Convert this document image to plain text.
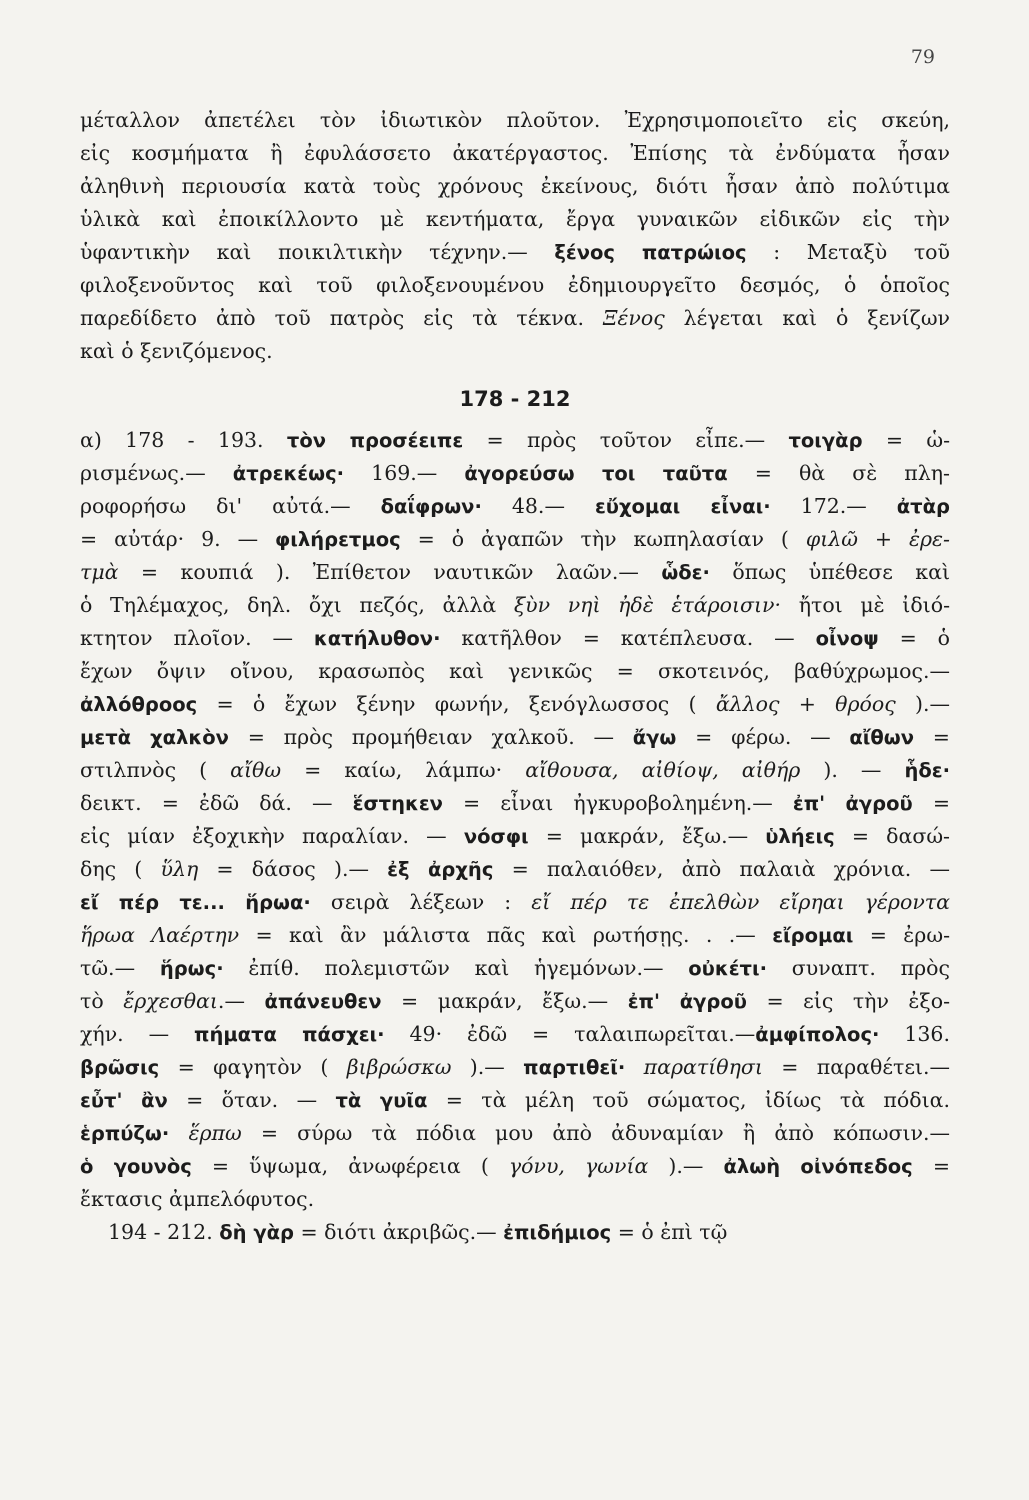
79
μέταλλον ἀπετέλει τὸν ἰδιωτικὸν πλοῦτον. Ἐχρησιμοποιεῖτο εἰς σκεύη,
εἰς κοσμήματα ἢ ἐφυλάσσετο ἀκατέργαστος. Ἐπίσης τὰ ἐνδύματα ἦσαν
ἀληθινὴ περιουσία κατὰ τοὺς χρόνους ἐκείνους, διότι ἦσαν ἀπὸ πολύτιμα
ὑλικὰ καὶ ἐποικίλλοντο μὲ κεντήματα, ἔργα γυναικῶν εἰδικῶν εἰς τὴν
ὑφαντικὴν καὶ ποικιλτικὴν τέχνην.— ξένος πατρώιος : Μεταξὺ τοῦ
φιλοξενοῦντος καὶ τοῦ φιλοξενουμένου ἐδημιουργεῖτο δεσμός, ὁ ὁποῖος
παρεδίδετο ἀπὸ τοῦ πατρὸς εἰς τὰ τέκνα. Ξένος λέγεται καὶ ὁ ξενίζων
καὶ ὁ ξενιζόμενος.
178 - 212
α) 178 - 193. τὸν προσέειπε = πρὸς τοῦτον εἶπε.— τοιγὰρ = ὡ-
ρισμένως.— ἀτρεκέως· 169.— ἀγορεύσω τοι ταῦτα = θὰ σὲ πλη-
ροφορήσω δι' αὐτά.— δαΐφρων· 48.— εὔχομαι εἶναι· 172.— ἀτὰρ
= αὐτάρ· 9. — φιλήρετμος = ὁ ἀγαπῶν τὴν κωπηλασίαν ( φιλῶ + ἐρε-
τμὰ = κουπιά ). Ἐπίθετον ναυτικῶν λαῶν.— ὧδε· ὅπως ὑπέθεσε καὶ
ὁ Τηλέμαχος, δηλ. ὄχι πεζός, ἀλλὰ ξὺν νηὶ ἠδὲ ἑτάροισιν· ἤτοι μὲ ἰδιό-
κτητον πλοῖον. — κατήλυθον· κατῆλθον = κατέπλευσα. — οἶνοψ = ὁ
ἔχων ὄψιν οἴνου, κρασωπὸς καὶ γενικῶς = σκοτεινός, βαθύχρωμος.—
ἀλλόθροος = ὁ ἔχων ξένην φωνήν, ξενόγλωσσος ( ἄλλος + θρόος ).—
μετὰ χαλκὸν = πρὸς προμήθειαν χαλκοῦ. — ἄγω = φέρω. — αἴθων =
στιλπνὸς ( αἴθω = καίω, λάμπω· αἴθουσα, αἰθίοψ, αἰθήρ ). — ἧδε·
δεικτ. = ἐδῶ δά. — ἕστηκεν = εἶναι ἠγκυροβολημένη.— ἐπ' ἀγροῦ =
εἰς μίαν ἐξοχικὴν παραλίαν. — νόσφι = μακράν, ἔξω.— ὑλήεις = δασώ-
δης ( ὕλη = δάσος ).— ἐξ ἀρχῆς = παλαιόθεν, ἀπὸ παλαιὰ χρόνια. —
εἴ πέρ τε... ἥρωα· σειρὰ λέξεων : εἴ πέρ τε ἐπελθὼν εἴρηαι γέροντα
ἥρωα Λαέρτην = καὶ ἂν μάλιστα πᾶς καὶ ρωτήσῃς. . .— εἴρομαι = ἐρω-
τῶ.— ἥρως· ἐπίθ. πολεμιστῶν καὶ ἡγεμόνων.— οὐκέτι· συναπτ. πρὸς
τὸ ἔρχεσθαι.— ἀπάνευθεν = μακράν, ἔξω.— ἐπ' ἀγροῦ = εἰς τὴν ἐξο-
χήν. — πήματα πάσχει· 49· ἐδῶ = ταλαιπωρεῖται.—ἀμφίπολος· 136.
βρῶσις = φαγητὸν ( βιβρώσκω ).— παρτιθεῖ· παρατίθησι = παραθέτει.—
εὖτ' ἂν = ὅταν. — τὰ γυῖα = τὰ μέλη τοῦ σώματος, ἰδίως τὰ πόδια.
ἑρπύζω· ἕρπω = σύρω τὰ πόδια μου ἀπὸ ἀδυναμίαν ἢ ἀπὸ κόπωσιν.—
ὁ γουνὸς = ὕψωμα, ἀνωφέρεια ( γόνυ, γωνία ).— ἀλωὴ οἰνόπεδος =
ἔκτασις ἀμπελόφυτος.
194 - 212. δὴ γὰρ = διότι ἀκριβῶς.— ἐπιδήμιος = ὁ ἐπὶ τῷ
